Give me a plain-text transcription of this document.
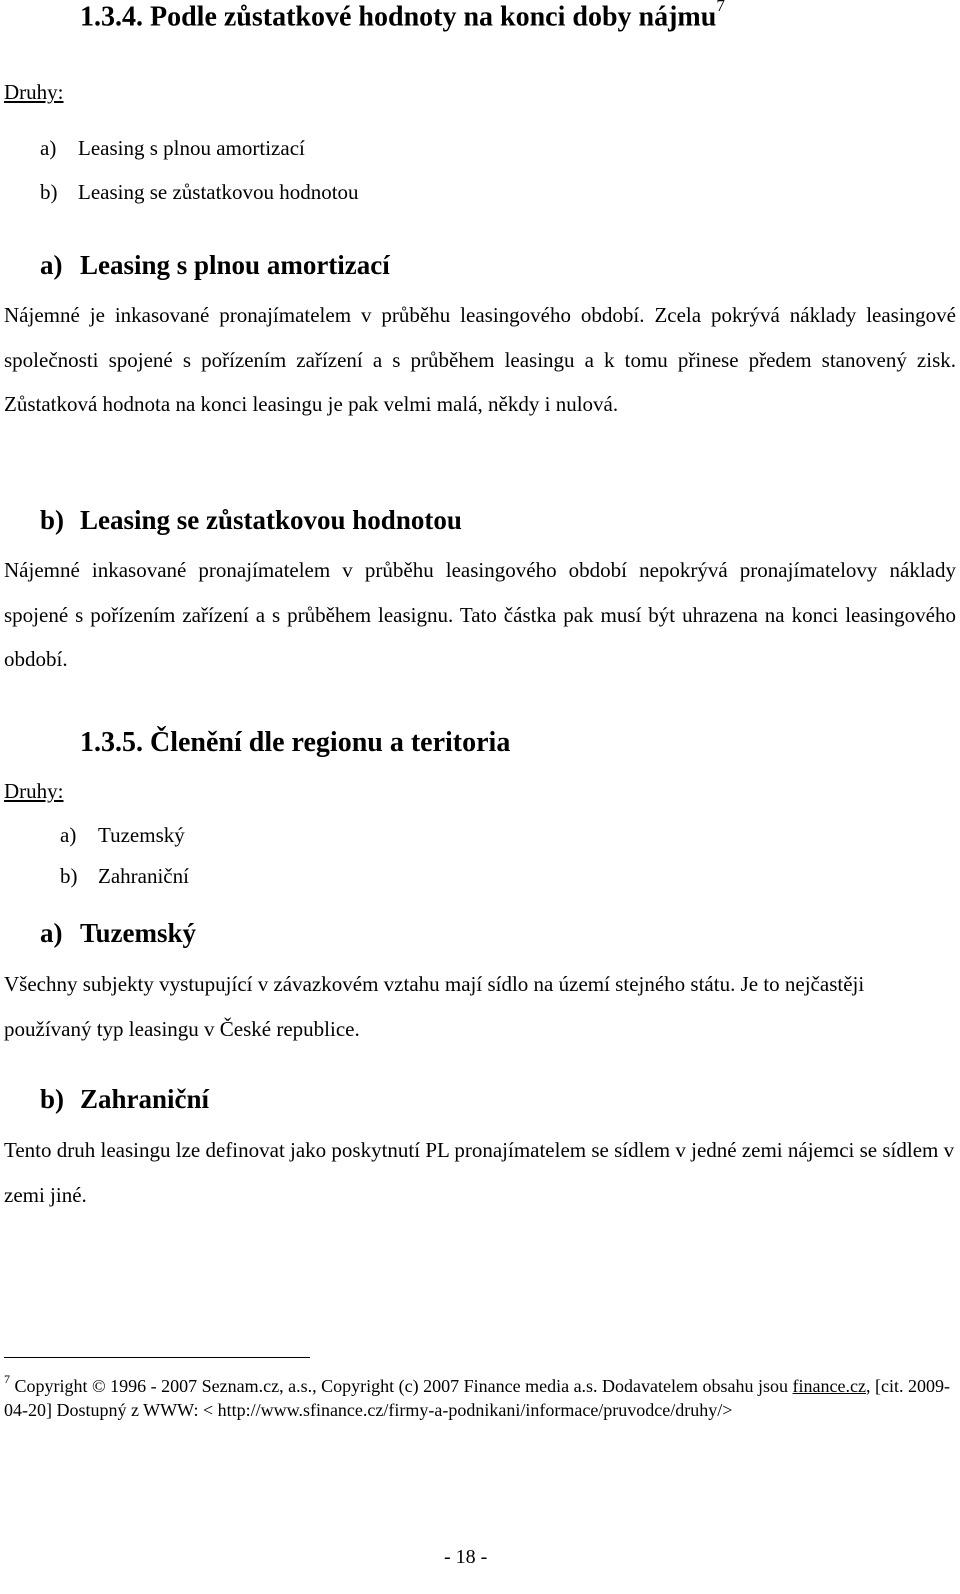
1.3.4. Podle zůstatkové hodnoty na konci doby nájmu$^7$
Druhy:
a) Leasing s plnou amortizací
b) Leasing se zůstatkovou hodnotou
a) Leasing s plnou amortizací
Nájemné je inkasované pronajímatelem v průběhu leasingového období. Zcela pokrývá náklady leasingové společnosti spojené s pořízením zařízení a s průběhem leasingu a k tomu přinese předem stanovený zisk. Zůstatková hodnota na konci leasingu je pak velmi malá, někdy i nulová.
b) Leasing se zůstatkovou hodnotou
Nájemné inkasované pronajímatelem v průběhu leasingového období nepokrývá pronajímatelovy náklady spojené s pořízením zařízení a s průběhem leasignu. Tato částka pak musí být uhrazena na konci leasingového období.
1.3.5. Členění dle regionu a teritoria
Druhy:
a) Tuzemský
b) Zahraniční
a) Tuzemský
Všechny subjekty vystupující v závazkovém vztahu mají sídlo na území stejného státu. Je to nejčastěji používaný typ leasingu v České republice.
b) Zahraniční
Tento druh leasingu lze definovat jako poskytnutí PL pronajímatelem se sídlem v jedné zemi nájemci se sídlem v zemi jiné.
$^7$ Copyright © 1996 - 2007 Seznam.cz, a.s., Copyright (c) 2007 Finance media a.s. Dodavatelem obsahu jsou finance.cz, [cit. 2009-04-20] Dostupný z WWW: < http://www.sfinance.cz/firmy-a-podnikani/informace/pruvodce/druhy/>
- 18 -
